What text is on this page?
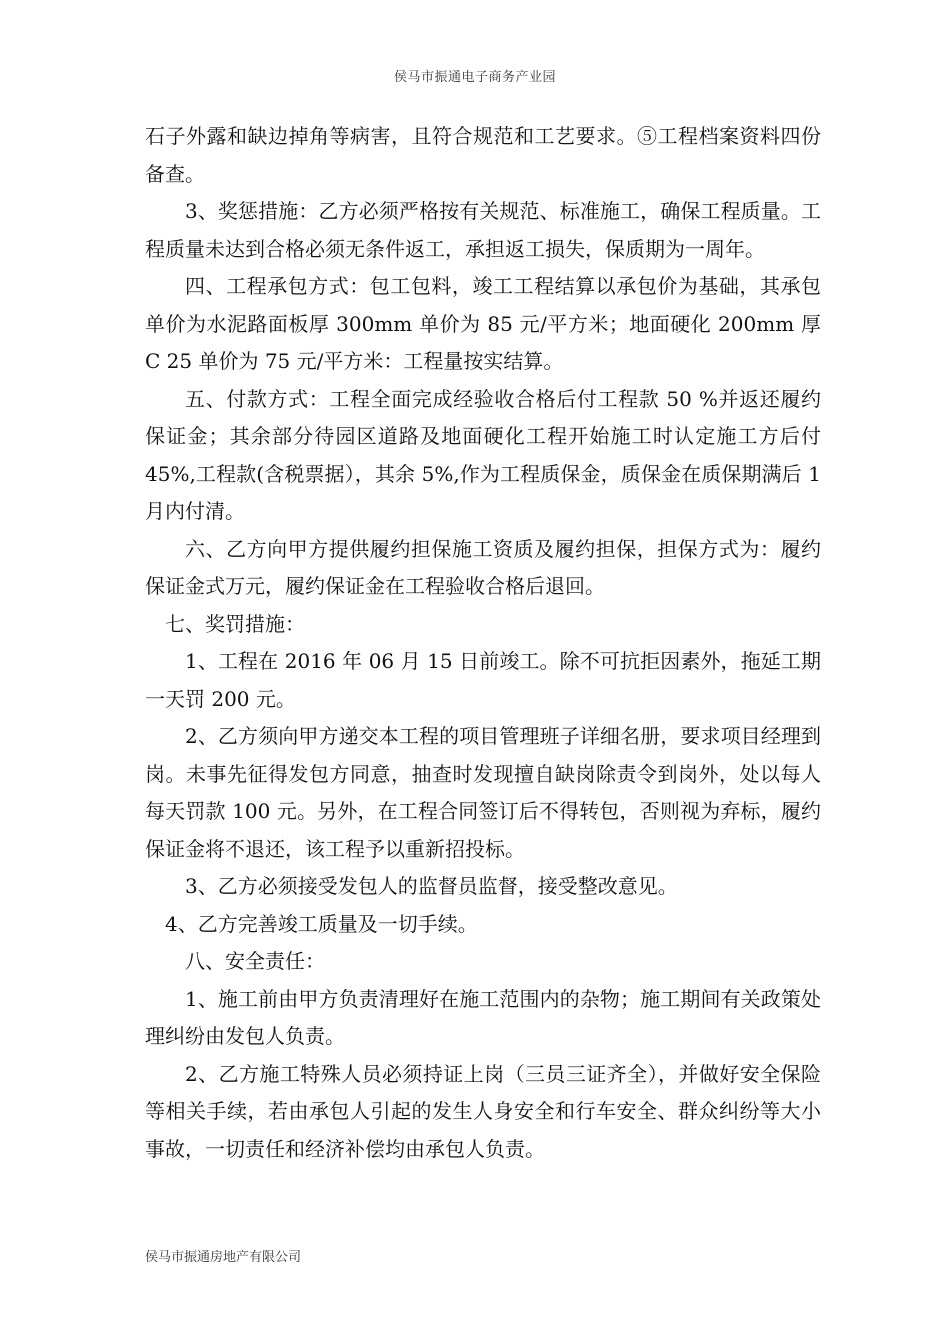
侯马市振通电子商务产业园

石子外露和缺边掉角等病害，且符合规范和工艺要求。⑤工程档案资料四份备查。

3、奖惩措施：乙方必须严格按有关规范、标准施工，确保工程质量。工程质量未达到合格必须无条件返工，承担返工损失，保质期为一周年。

四、工程承包方式：包工包料，竣工工程结算以承包价为基础，其承包单价为水泥路面板厚 300mm 单价为 85 元/平方米；地面硬化 200mm 厚 C 25 单价为 75 元/平方米：工程量按实结算。

五、付款方式：工程全面完成经验收合格后付工程款 50 %并返还履约保证金；其余部分待园区道路及地面硬化工程开始施工时认定施工方后付 45%,工程款(含税票据），其余 5%,作为工程质保金，质保金在质保期满后 1 月内付清。

六、乙方向甲方提供履约担保施工资质及履约担保，担保方式为：履约保证金式万元，履约保证金在工程验收合格后退回。

七、奖罚措施：

1、工程在 2016 年 06 月 15 日前竣工。除不可抗拒因素外，拖延工期一天罚 200 元。

2、乙方须向甲方递交本工程的项目管理班子详细名册，要求项目经理到岗。未事先征得发包方同意，抽查时发现擅自缺岗除责令到岗外，处以每人每天罚款 100 元。另外，在工程合同签订后不得转包，否则视为弃标，履约保证金将不退还，该工程予以重新招投标。

3、乙方必须接受发包人的监督员监督，接受整改意见。

4、乙方完善竣工质量及一切手续。

八、安全责任：

1、施工前由甲方负责清理好在施工范围内的杂物；施工期间有关政策处理纠纷由发包人负责。

2、乙方施工特殊人员必须持证上岗（三员三证齐全），并做好安全保险等相关手续，若由承包人引起的发生人身安全和行车安全、群众纠纷等大小事故，一切责任和经济补偿均由承包人负责。

侯马市振通房地产有限公司
